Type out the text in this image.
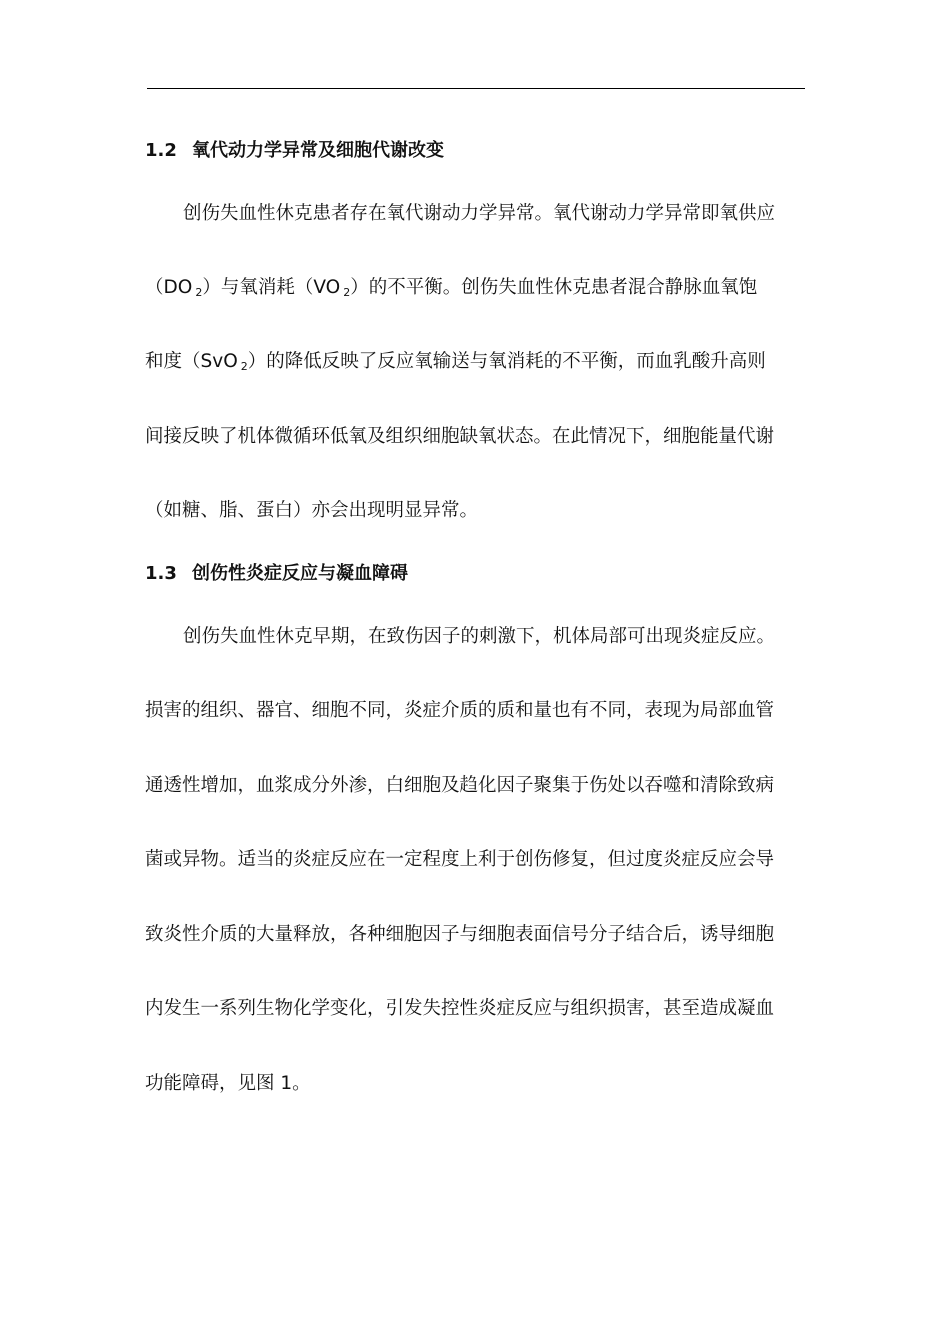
1.2 氧代动力学异常及细胞代谢改变
创伤失血性休克患者存在氧代谢动力学异常。氧代谢动力学异常即氧供应
（DO $_2$）与氧消耗（VO $_2$）的不平衡。创伤失血性休克患者混合静脉血氧饱
和度（SvO $_2$）的降低反映了反应氧输送与氧消耗的不平衡，而血乳酸升高则
间接反映了机体微循环低氧及组织细胞缺氧状态。在此情况下，细胞能量代谢
（如糖、脂、蛋白）亦会出现明显异常。
1.3 创伤性炎症反应与凝血障碍
创伤失血性休克早期，在致伤因子的刺激下，机体局部可出现炎症反应。
损害的组织、器官、细胞不同，炎症介质的质和量也有不同，表现为局部血管
通透性增加，血浆成分外渗，白细胞及趋化因子聚集于伤处以吞噬和清除致病
菌或异物。适当的炎症反应在一定程度上利于创伤修复，但过度炎症反应会导
致炎性介质的大量释放，各种细胞因子与细胞表面信号分子结合后，诱导细胞
内发生一系列生物化学变化，引发失控性炎症反应与组织损害，甚至造成凝血
功能障碍，见图 1。
